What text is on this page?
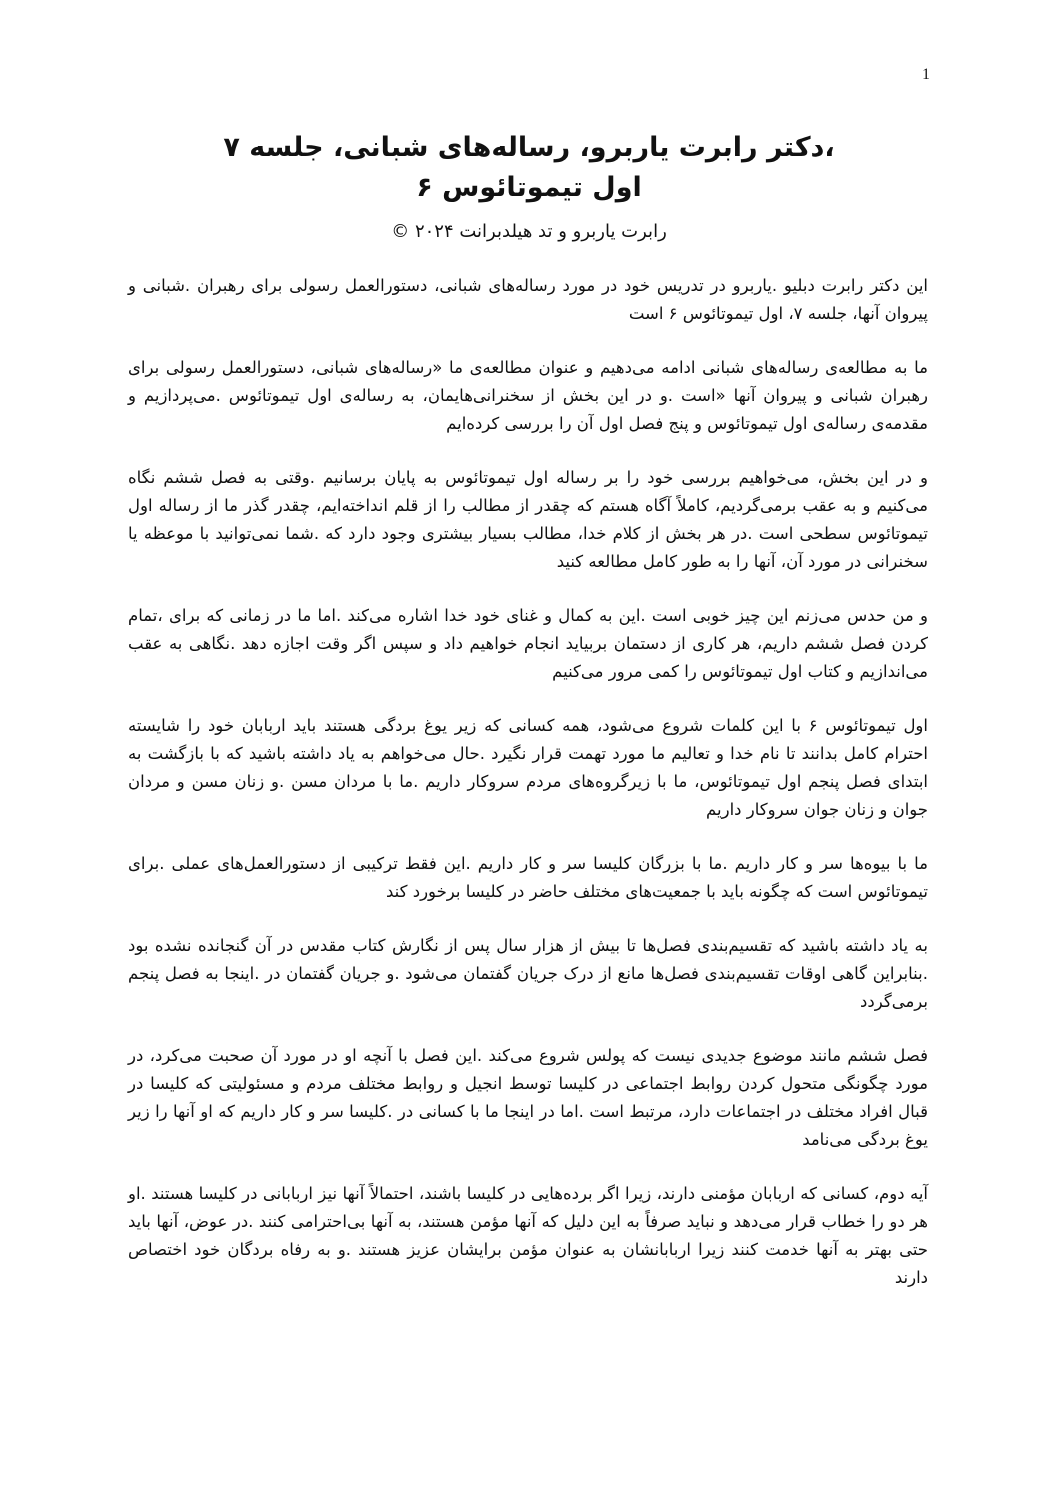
1
،دکتر رابرت یاربرو، رساله‌های شبانی، جلسه ۷
اول تیموتائوس ۶
رابرت یاربرو و تد هیلدبرانت ۲۰۲۴ ©

این دکتر رابرت دبلیو .یاربرو در تدریس خود در مورد رساله‌های شبانی، دستورالعمل رسولی برای رهبران .شبانی و پیروان آنها، جلسه ۷، اول تیموتائوس ۶ است

ما به مطالعه‌ی رساله‌های شبانی ادامه می‌دهیم و عنوان مطالعه‌ی ما «رساله‌های شبانی، دستورالعمل رسولی برای رهبران شبانی و پیروان آنها «است .و در این بخش از سخنرانی‌هایمان، به رساله‌ی اول تیموتائوس .می‌پردازیم و مقدمه‌ی رساله‌ی اول تیموتائوس و پنج فصل اول آن را بررسی کرده‌ایم

و در این بخش، می‌خواهیم بررسی خود را بر رساله اول تیموتائوس به پایان برسانیم .وقتی به فصل ششم نگاه می‌کنیم و به عقب برمی‌گردیم، کاملاً آگاه هستم که چقدر از مطالب را از قلم انداخته‌ایم، چقدر گذر ما از رساله اول تیموتائوس سطحی است .در هر بخش از کلام خدا، مطالب بسیار بیشتری وجود دارد که .شما نمی‌توانید با موعظه یا سخنرانی در مورد آن، آنها را به طور کامل مطالعه کنید

و من حدس می‌زنم این چیز خوبی است .این به کمال و غنای خود خدا اشاره می‌کند .اما ما در زمانی که برای ،تمام کردن فصل ششم داریم، هر کاری از دستمان بربیاید انجام خواهیم داد و سپس اگر وقت اجازه دهد .نگاهی به عقب می‌اندازیم و کتاب اول تیموتائوس را کمی مرور می‌کنیم

اول تیموتائوس ۶ با این کلمات شروع می‌شود، همه کسانی که زیر یوغ بردگی هستند باید اربابان خود را شایسته احترام کامل بدانند تا نام خدا و تعالیم ما مورد تهمت قرار نگیرد .حال می‌خواهم به یاد داشته باشید که با بازگشت به ابتدای فصل پنجم اول تیموتائوس، ما با زیرگروه‌های مردم سروکار داریم .ما با مردان مسن .و زنان مسن و مردان جوان و زنان جوان سروکار داریم

ما با بیوه‌ها سر و کار داریم .ما با بزرگان کلیسا سر و کار داریم .این فقط ترکیبی از دستورالعمل‌های عملی .برای تیموتائوس است که چگونه باید با جمعیت‌های مختلف حاضر در کلیسا برخورد کند

به یاد داشته باشید که تقسیم‌بندی فصل‌ها تا بیش از هزار سال پس از نگارش کتاب مقدس در آن گنجانده نشده بود .بنابراین گاهی اوقات تقسیم‌بندی فصل‌ها مانع از درک جریان گفتمان می‌شود .و جریان گفتمان در .اینجا به فصل پنجم برمی‌گردد

فصل ششم مانند موضوع جدیدی نیست که پولس شروع می‌کند .این فصل با آنچه او در مورد آن صحبت می‌کرد، در مورد چگونگی متحول کردن روابط اجتماعی در کلیسا توسط انجیل و روابط مختلف مردم و مسئولیتی که کلیسا در قبال افراد مختلف در اجتماعات دارد، مرتبط است .اما در اینجا ما با کسانی در .کلیسا سر و کار داریم که او آنها را زیر یوغ بردگی می‌نامد

آیه دوم، کسانی که اربابان مؤمنی دارند، زیرا اگر برده‌هایی در کلیسا باشند، احتمالاً آنها نیز اربابانی در کلیسا هستند .او هر دو را خطاب قرار می‌دهد و نباید صرفاً به این دلیل که آنها مؤمن هستند، به آنها بی‌احترامی کنند .در عوض، آنها باید حتی بهتر به آنها خدمت کنند زیرا اربابانشان به عنوان مؤمن برایشان عزیز هستند .و به رفاه بردگان خود اختصاص دارند
